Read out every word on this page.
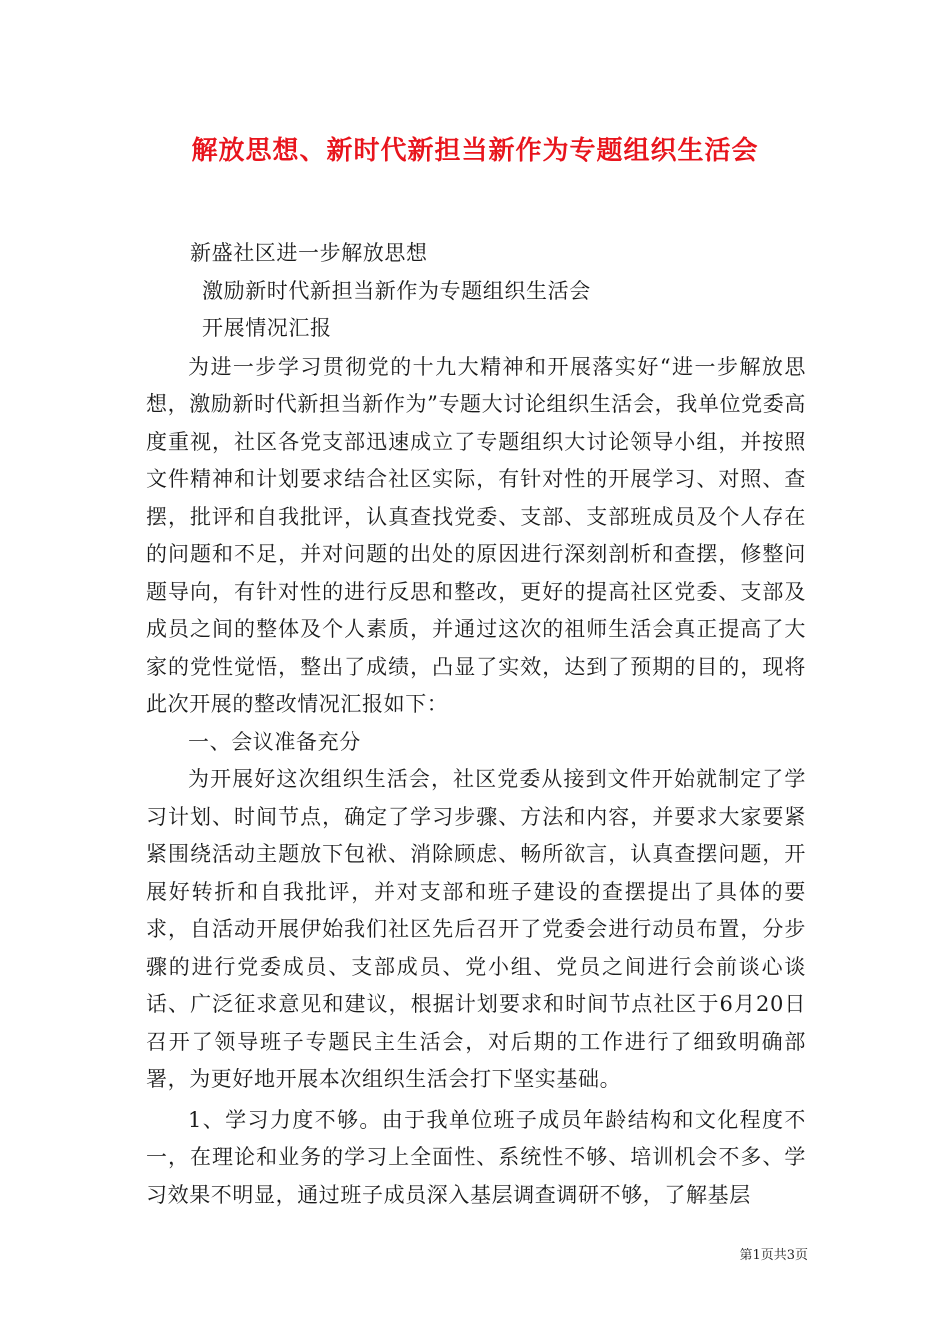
解放思想、新时代新担当新作为专题组织生活会

新盛社区进一步解放思想

激励新时代新担当新作为专题组织生活会

开展情况汇报

为进一步学习贯彻党的十九大精神和开展落实好“进一步解放思想，激励新时代新担当新作为”专题大讨论组织生活会，我单位党委高度重视，社区各党支部迅速成立了专题组织大讨论领导小组，并按照文件精神和计划要求结合社区实际，有针对性的开展学习、对照、查摆，批评和自我批评，认真查找党委、支部、支部班成员及个人存在的问题和不足，并对问题的出处的原因进行深刻剖析和查摆，修整问题导向，有针对性的进行反思和整改，更好的提高社区党委、支部及成员之间的整体及个人素质，并通过这次的祖师生活会真正提高了大家的党性觉悟，整出了成绩，凸显了实效，达到了预期的目的，现将此次开展的整改情况汇报如下：

一、会议准备充分

为开展好这次组织生活会，社区党委从接到文件开始就制定了学习计划、时间节点，确定了学习步骤、方法和内容，并要求大家要紧紧围绕活动主题放下包袱、消除顾虑、畅所欲言，认真查摆问题，开展好转折和自我批评，并对支部和班子建设的查摆提出了具体的要求，自活动开展伊始我们社区先后召开了党委会进行动员布置，分步骤的进行党委成员、支部成员、党小组、党员之间进行会前谈心谈话、广泛征求意见和建议，根据计划要求和时间节点社区于6月20日召开了领导班子专题民主生活会，对后期的工作进行了细致明确部署，为更好地开展本次组织生活会打下坚实基础。

1、学习力度不够。由于我单位班子成员年龄结构和文化程度不一，在理论和业务的学习上全面性、系统性不够、培训机会不多、学习效果不明显，通过班子成员深入基层调查调研不够，了解基层

第1页共3页
